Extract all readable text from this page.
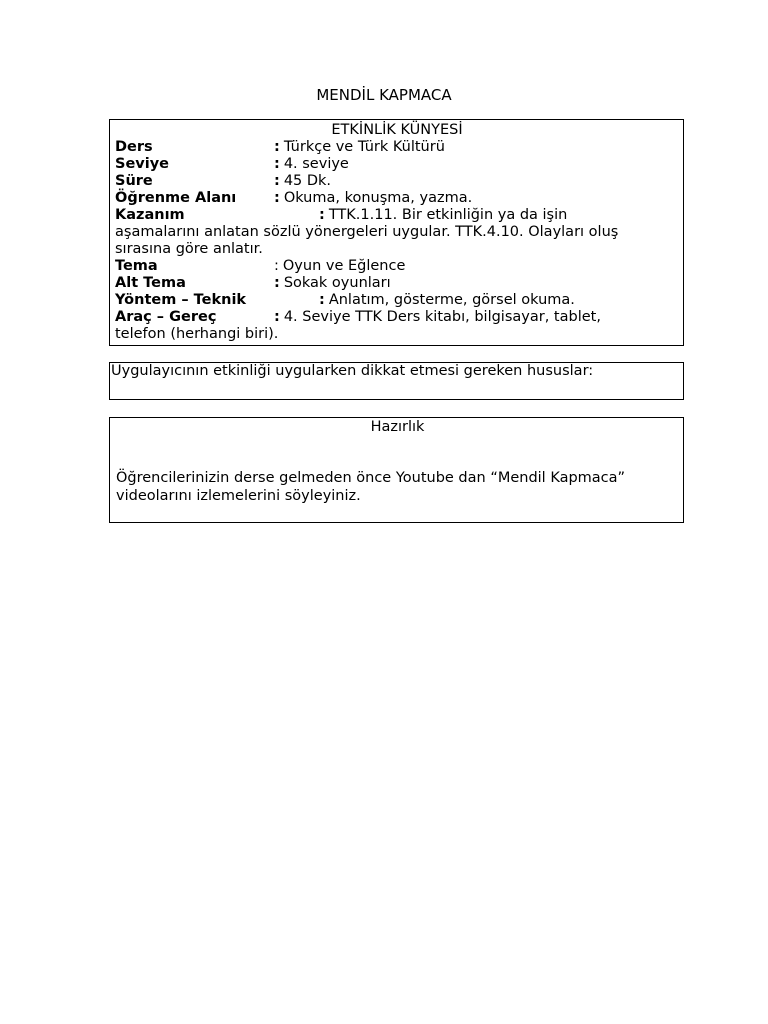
MENDİL KAPMACA
ETKİNLİK KÜNYESİ
Ders	: Türkçe ve Türk Kültürü
Seviye	: 4. seviye
Süre	: 45 Dk.
Öğrenme Alanı	: Okuma, konuşma, yazma.
Kazanım	: TTK.1.11. Bir etkinliğin ya da işin
aşamalarını anlatan sözlü yönergeleri uygular. TTK.4.10. Olayları oluş
sırasına göre anlatır.
Tema	: Oyun ve Eğlence
Alt Tema	: Sokak oyunları
Yöntem – Teknik	: Anlatım, gösterme, görsel okuma.
Araç – Gereç	: 4. Seviye TTK Ders kitabı, bilgisayar, tablet,
telefon (herhangi biri).
Uygulayıcının etkinliği uygularken dikkat etmesi gereken hususlar:
Hazırlık
Öğrencilerinizin derse gelmeden önce Youtube dan “Mendil Kapmaca”
videolarını izlemelerini söyleyiniz.
